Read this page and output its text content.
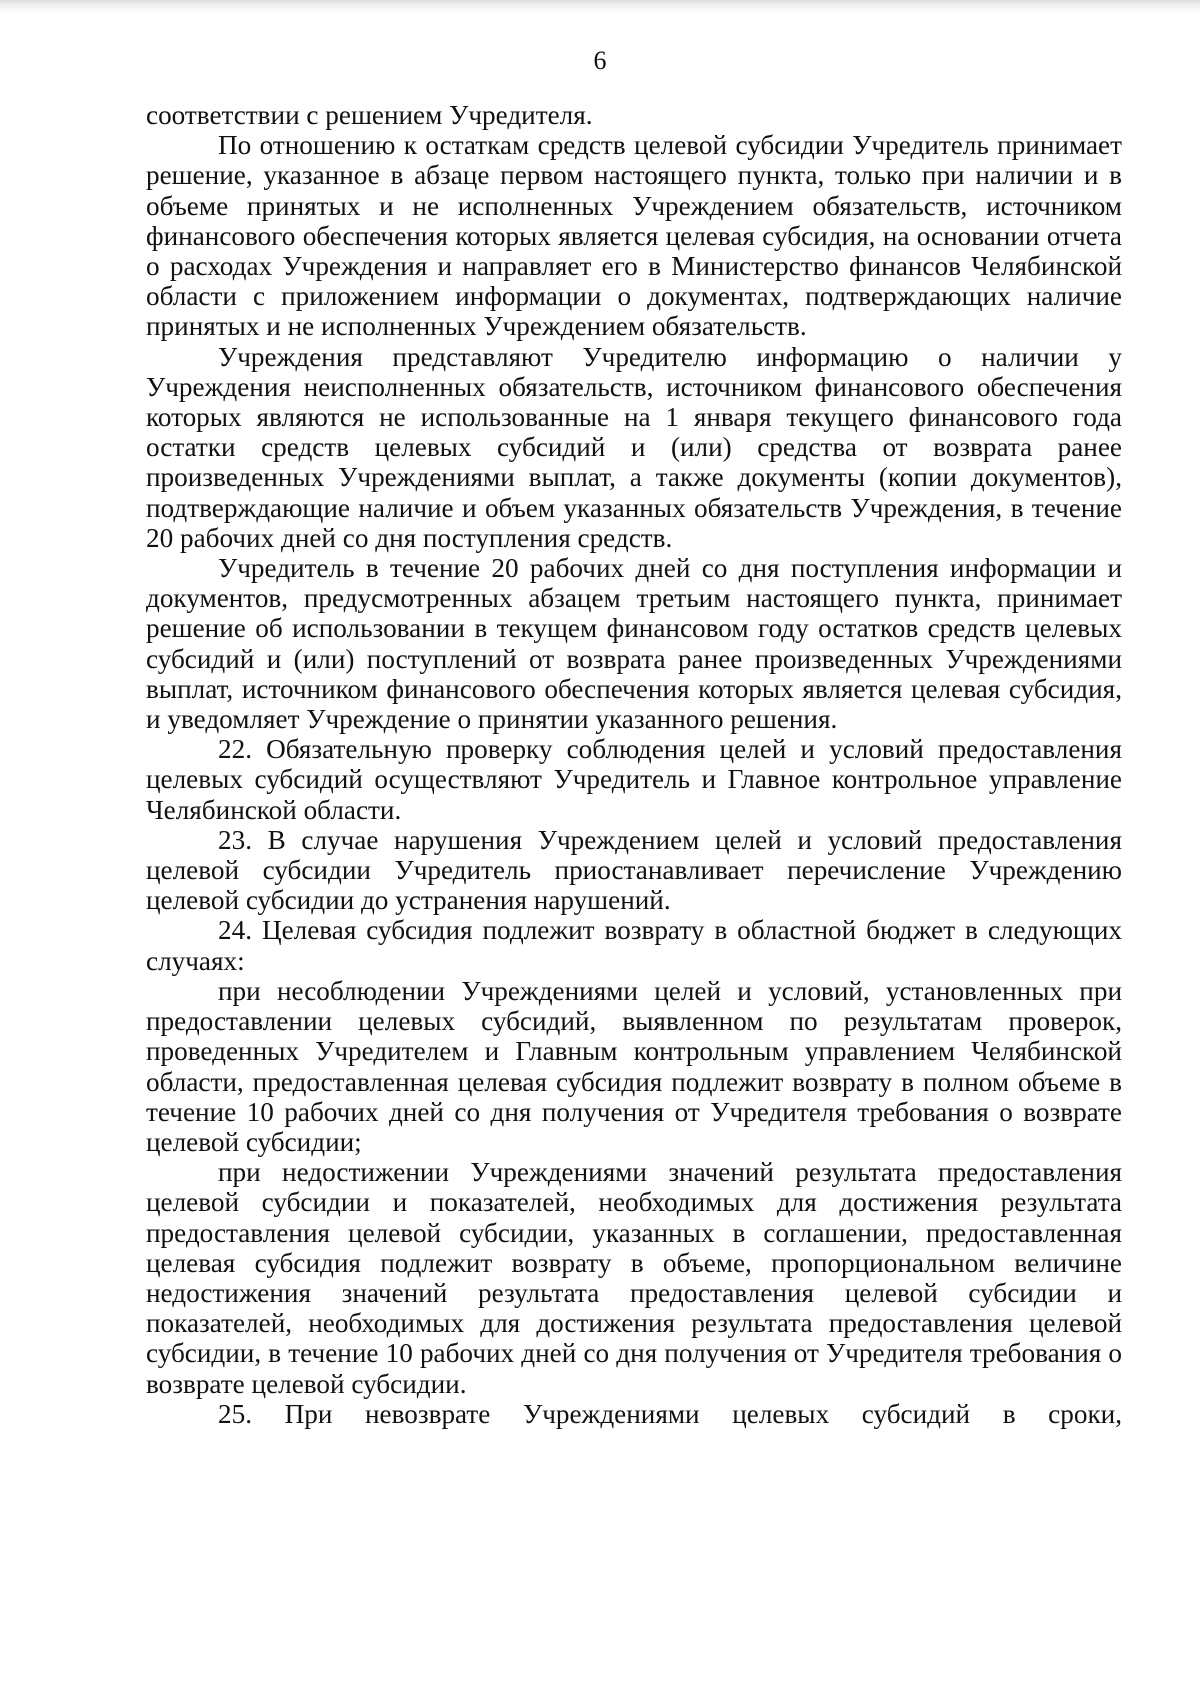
6

соответствии с решением Учредителя.

По отношению к остаткам средств целевой субсидии Учредитель принимает решение, указанное в абзаце первом настоящего пункта, только при наличии и в объеме принятых и не исполненных Учреждением обязательств, источником финансового обеспечения которых является целевая субсидия, на основании отчета о расходах Учреждения и направляет его в Министерство финансов Челябинской области с приложением информации о документах, подтверждающих наличие принятых и не исполненных Учреждением обязательств.

Учреждения представляют Учредителю информацию о наличии у Учреждения неисполненных обязательств, источником финансового обеспечения которых являются не использованные на 1 января текущего финансового года остатки средств целевых субсидий и (или) средства от возврата ранее произведенных Учреждениями выплат, а также документы (копии документов), подтверждающие наличие и объем указанных обязательств Учреждения, в течение 20 рабочих дней со дня поступления средств.

Учредитель в течение 20 рабочих дней со дня поступления информации и документов, предусмотренных абзацем третьим настоящего пункта, принимает решение об использовании в текущем финансовом году остатков средств целевых субсидий и (или) поступлений от возврата ранее произведенных Учреждениями выплат, источником финансового обеспечения которых является целевая субсидия, и уведомляет Учреждение о принятии указанного решения.

22. Обязательную проверку соблюдения целей и условий предоставления целевых субсидий осуществляют Учредитель и Главное контрольное управление Челябинской области.

23. В случае нарушения Учреждением целей и условий предоставления целевой субсидии Учредитель приостанавливает перечисление Учреждению целевой субсидии до устранения нарушений.

24. Целевая субсидия подлежит возврату в областной бюджет в следующих случаях:

при несоблюдении Учреждениями целей и условий, установленных при предоставлении целевых субсидий, выявленном по результатам проверок, проведенных Учредителем и Главным контрольным управлением Челябинской области, предоставленная целевая субсидия подлежит возврату в полном объеме в течение 10 рабочих дней со дня получения от Учредителя требования о возврате целевой субсидии;

при недостижении Учреждениями значений результата предоставления целевой субсидии и показателей, необходимых для достижения результата предоставления целевой субсидии, указанных в соглашении, предоставленная целевая субсидия подлежит возврату в объеме, пропорциональном величине недостижения значений результата предоставления целевой субсидии и показателей, необходимых для достижения результата предоставления целевой субсидии, в течение 10 рабочих дней со дня получения от Учредителя требования о возврате целевой субсидии.

25. При невозврате Учреждениями целевых субсидий в сроки,
